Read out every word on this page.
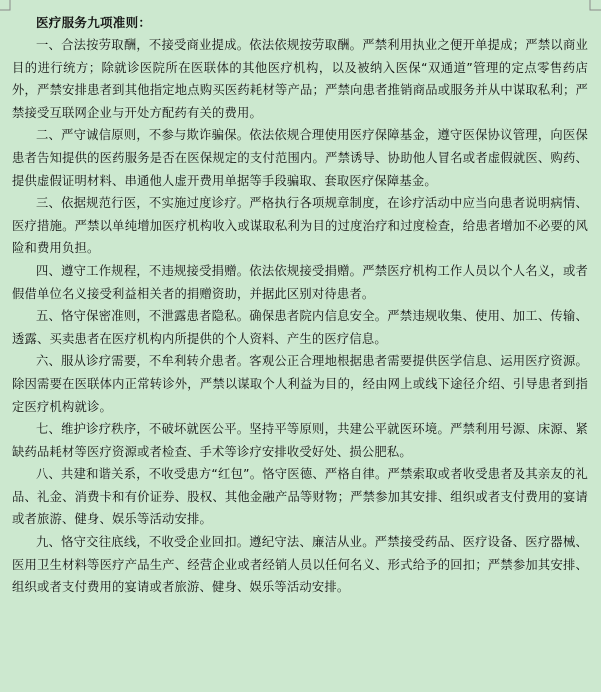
医疗服务九项准则：

一、合法按劳取酬，不接受商业提成。依法依规按劳取酬。严禁利用执业之便开单提成；严禁以商业目的进行统方；除就诊医院所在医联体的其他医疗机构，以及被纳入医保“双通道”管理的定点零售药店外，严禁安排患者到其他指定地点购买医药耗材等产品；严禁向患者推销商品或服务并从中谋取私利；严禁接受互联网企业与开处方配药有关的费用。

二、严守诚信原则，不参与欺诈骗保。依法依规合理使用医疗保障基金，遵守医保协议管理，向医保患者告知提供的医药服务是否在医保规定的支付范围内。严禁诱导、协助他人冒名或者虚假就医、购药、提供虚假证明材料、串通他人虚开费用单据等手段骗取、套取医疗保障基金。

三、依据规范行医，不实施过度诊疗。严格执行各项规章制度，在诊疗活动中应当向患者说明病情、医疗措施。严禁以单纯增加医疗机构收入或谋取私利为目的过度治疗和过度检查，给患者增加不必要的风险和费用负担。

四、遵守工作规程，不违规接受捐赠。依法依规接受捐赠。严禁医疗机构工作人员以个人名义，或者假借单位名义接受利益相关者的捐赠资助，并据此区别对待患者。

五、恪守保密准则，不泄露患者隐私。确保患者院内信息安全。严禁违规收集、使用、加工、传输、透露、买卖患者在医疗机构内所提供的个人资料、产生的医疗信息。

六、服从诊疗需要，不牟利转介患者。客观公正合理地根据患者需要提供医学信息、运用医疗资源。除因需要在医联体内正常转诊外，严禁以谋取个人利益为目的，经由网上或线下途径介绍、引导患者到指定医疗机构就诊。

七、维护诊疗秩序，不破坏就医公平。坚持平等原则，共建公平就医环境。严禁利用号源、床源、紧缺药品耗材等医疗资源或者检查、手术等诊疗安排收受好处、损公肥私。

八、共建和谐关系，不收受患方“红包”。恪守医德、严格自律。严禁索取或者收受患者及其亲友的礼品、礼金、消费卡和有价证券、股权、其他金融产品等财物；严禁参加其安排、组织或者支付费用的宴请或者旅游、健身、娱乐等活动安排。

九、恪守交往底线，不收受企业回扣。遵纪守法、廉洁从业。严禁接受药品、医疗设备、医疗器械、医用卫生材料等医疗产品生产、经营企业或者经销人员以任何名义、形式给予的回扣；严禁参加其安排、组织或者支付费用的宴请或者旅游、健身、娱乐等活动安排。
